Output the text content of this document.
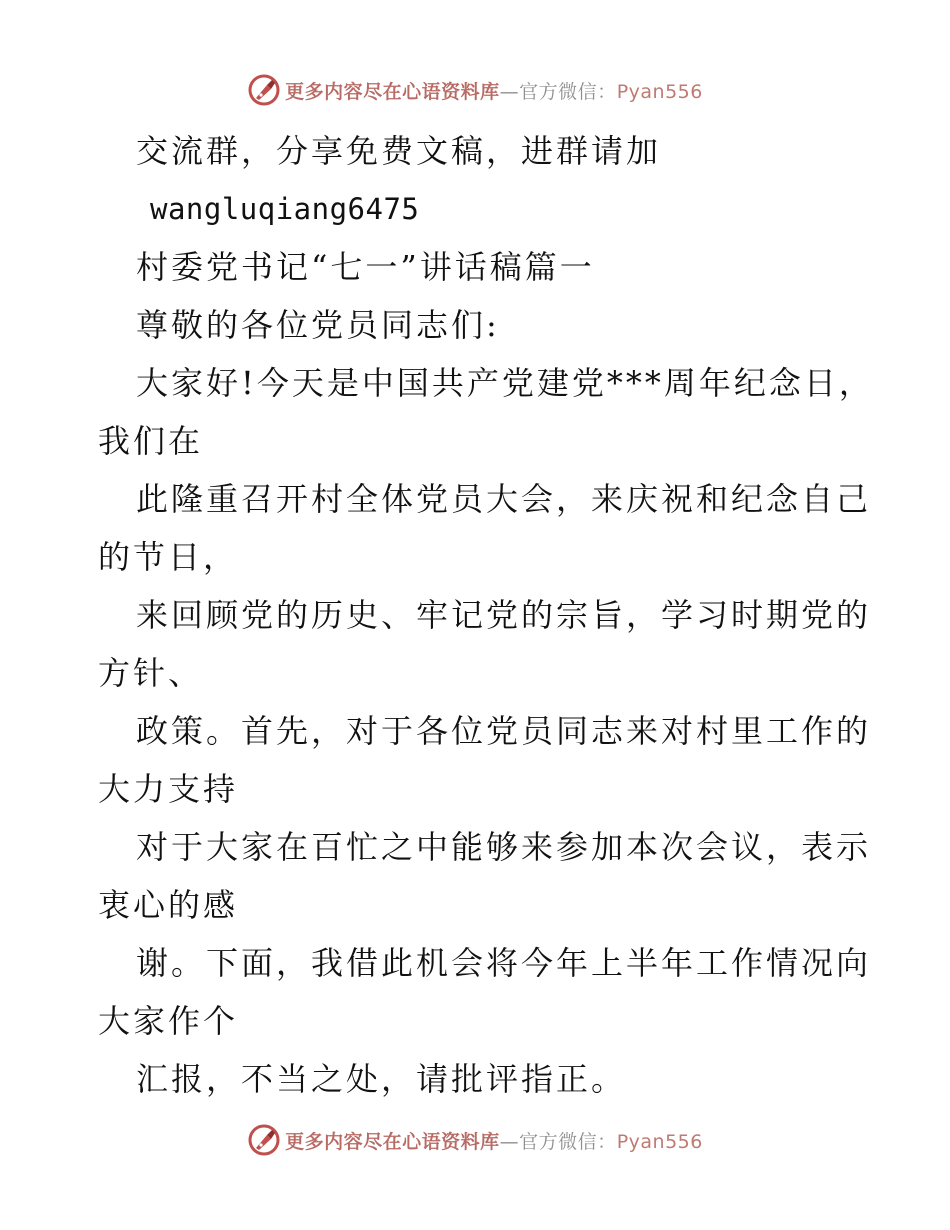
更多内容尽在心语资料库—官方微信：Pyan556
交流群，分享免费文稿，进群请加
wangluqiang6475
村委党书记“七一”讲话稿篇一
尊敬的各位党员同志们:
大家好!今天是中国共产党建党***周年纪念日，
我们在
此隆重召开村全体党员大会，来庆祝和纪念自己
的节日，
来回顾党的历史、牢记党的宗旨，学习时期党的
方针、
政策。首先，对于各位党员同志来对村里工作的
大力支持
对于大家在百忙之中能够来参加本次会议，表示
衷心的感
谢。下面，我借此机会将今年上半年工作情况向
大家作个
汇报，不当之处，请批评指正。
更多内容尽在心语资料库—官方微信：Pyan556
